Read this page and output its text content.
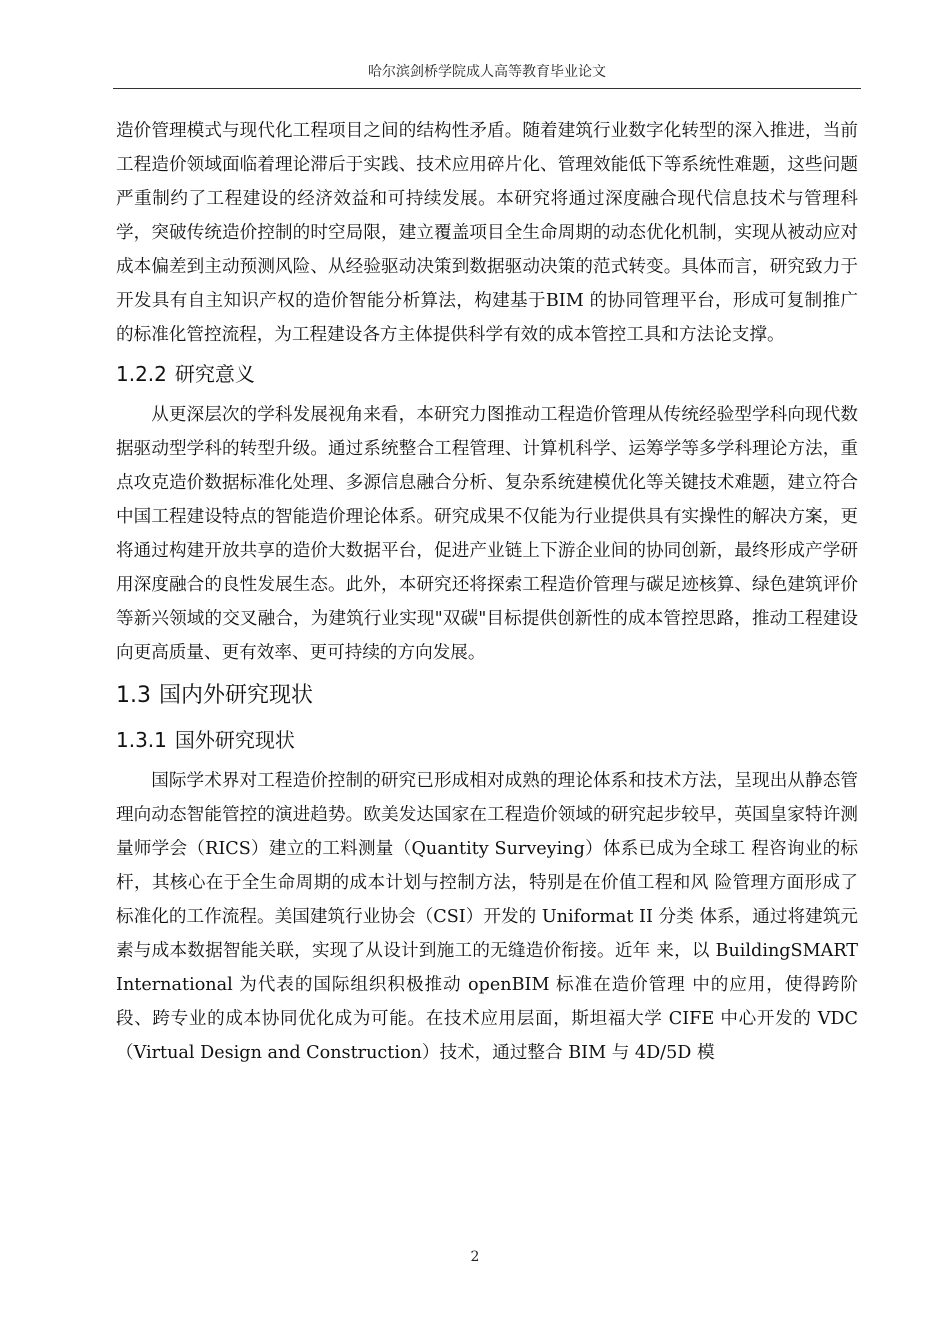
哈尔滨剑桥学院成人高等教育毕业论文

造价管理模式与现代化工程项目之间的结构性矛盾。随着建筑行业数字化转型的深入推进，当前工程造价领域面临着理论滞后于实践、技术应用碎片化、管理效能低下等系统性难题，这些问题严重制约了工程建设的经济效益和可持续发展。本研究将通过深度融合现代信息技术与管理科学，突破传统造价控制的时空局限，建立覆盖项目全生命周期的动态优化机制，实现从被动应对成本偏差到主动预测风险、从经验驱动决策到数据驱动决策的范式转变。具体而言，研究致力于开发具有自主知识产权的造价智能分析算法，构建基于BIM 的协同管理平台，形成可复制推广的标准化管控流程，为工程建设各方主体提供科学有效的成本管控工具和方法论支撑。

1.2.2 研究意义

从更深层次的学科发展视角来看，本研究力图推动工程造价管理从传统经验型学科向现代数据驱动型学科的转型升级。通过系统整合工程管理、计算机科学、运筹学等多学科理论方法，重点攻克造价数据标准化处理、多源信息融合分析、复杂系统建模优化等关键技术难题，建立符合中国工程建设特点的智能造价理论体系。研究成果不仅能为行业提供具有实操性的解决方案，更将通过构建开放共享的造价大数据平台，促进产业链上下游企业间的协同创新，最终形成产学研用深度融合的良性发展生态。此外，本研究还将探索工程造价管理与碳足迹核算、绿色建筑评价等新兴领域的交叉融合，为建筑行业实现"双碳"目标提供创新性的成本管控思路，推动工程建设向更高质量、更有效率、更可持续的方向发展。

1.3 国内外研究现状
1.3.1 国外研究现状

国际学术界对工程造价控制的研究已形成相对成熟的理论体系和技术方法，呈现出从静态管理向动态智能管控的演进趋势。欧美发达国家在工程造价领域的研究起步较早，英国皇家特许测量师学会（RICS）建立的工料测量（Quantity Surveying）体系已成为全球工 程咨询业的标杆，其核心在于全生命周期的成本计划与控制方法，特别是在价值工程和风 险管理方面形成了标准化的工作流程。美国建筑行业协会（CSI）开发的 Uniformat II 分类 体系，通过将建筑元素与成本数据智能关联，实现了从设计到施工的无缝造价衔接。近年 来，以 BuildingSMART International 为代表的国际组织积极推动 openBIM 标准在造价管理 中的应用，使得跨阶段、跨专业的成本协同优化成为可能。在技术应用层面，斯坦福大学 CIFE 中心开发的 VDC（Virtual Design and Construction）技术，通过整合 BIM 与 4D/5D 模

2
